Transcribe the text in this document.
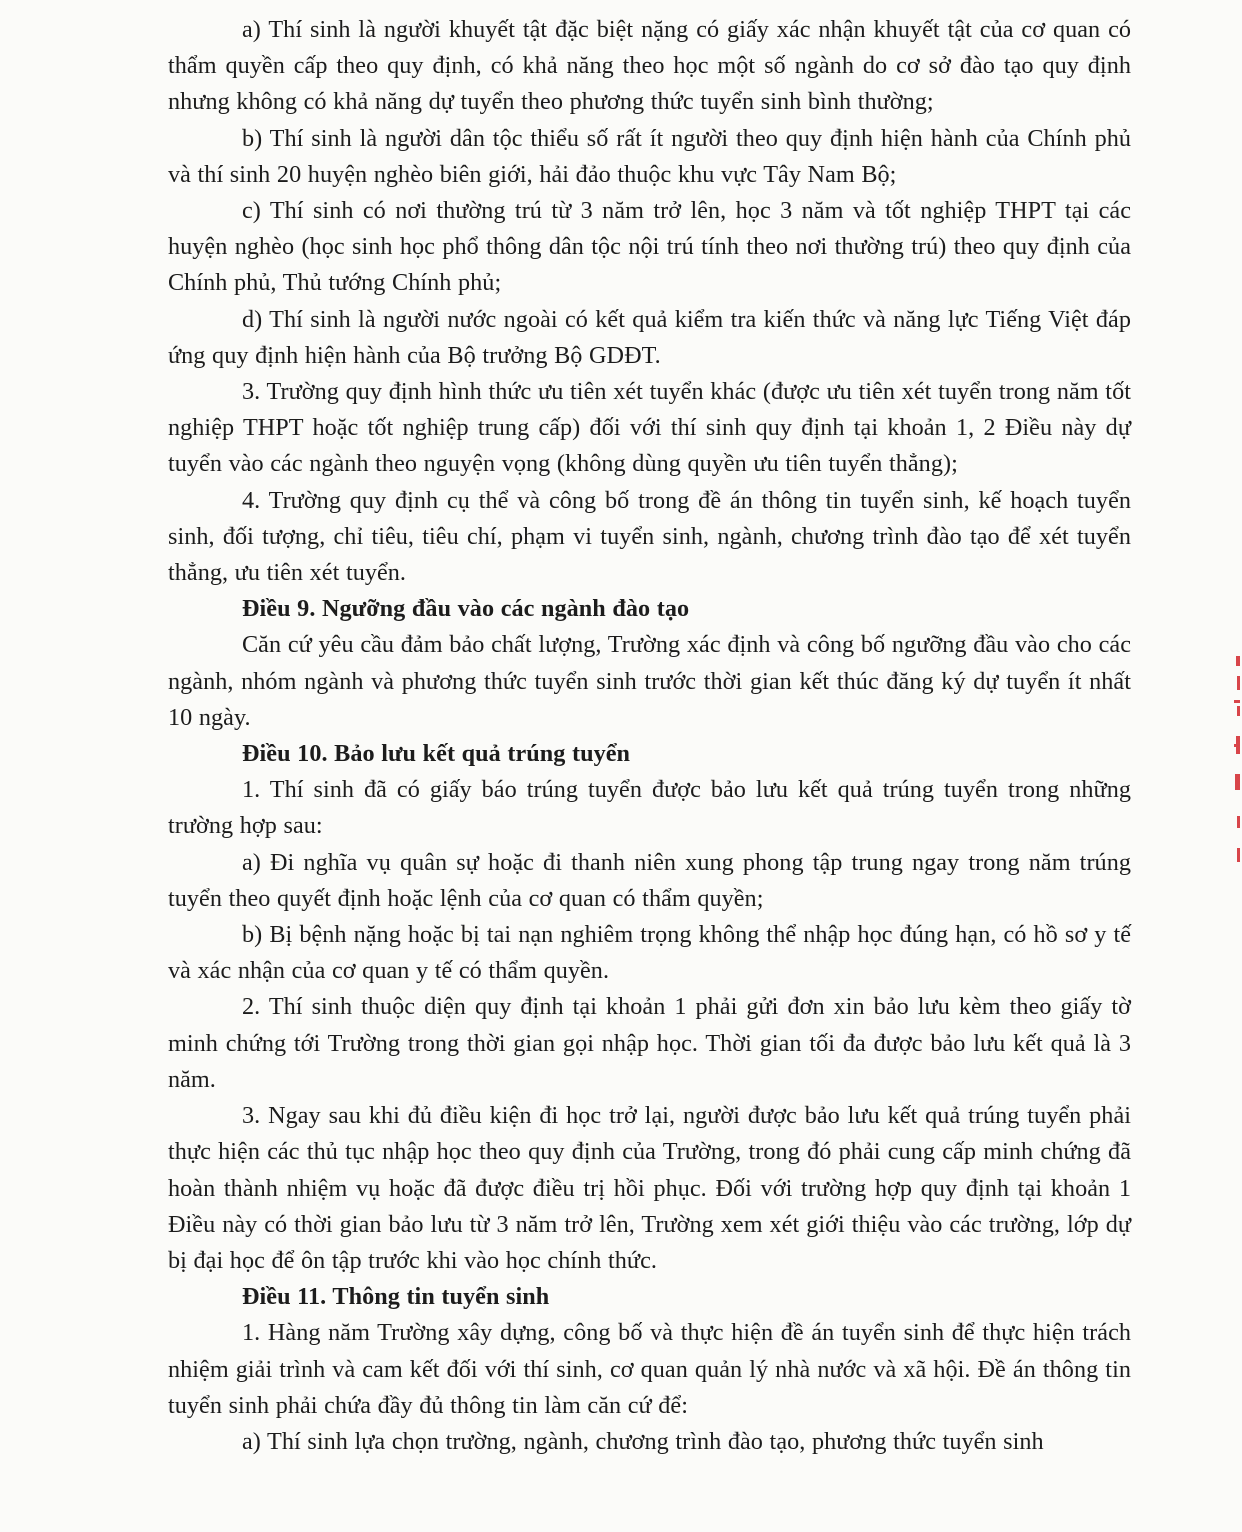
a) Thí sinh là người khuyết tật đặc biệt nặng có giấy xác nhận khuyết tật của cơ quan có thẩm quyền cấp theo quy định, có khả năng theo học một số ngành do cơ sở đào tạo quy định nhưng không có khả năng dự tuyển theo phương thức tuyển sinh bình thường;

b) Thí sinh là người dân tộc thiểu số rất ít người theo quy định hiện hành của Chính phủ và thí sinh 20 huyện nghèo biên giới, hải đảo thuộc khu vực Tây Nam Bộ;

c) Thí sinh có nơi thường trú từ 3 năm trở lên, học 3 năm và tốt nghiệp THPT tại các huyện nghèo (học sinh học phổ thông dân tộc nội trú tính theo nơi thường trú) theo quy định của Chính phủ, Thủ tướng Chính phủ;

d) Thí sinh là người nước ngoài có kết quả kiểm tra kiến thức và năng lực Tiếng Việt đáp ứng quy định hiện hành của Bộ trưởng Bộ GDĐT.

3. Trường quy định hình thức ưu tiên xét tuyển khác (được ưu tiên xét tuyển trong năm tốt nghiệp THPT hoặc tốt nghiệp trung cấp) đối với thí sinh quy định tại khoản 1, 2 Điều này dự tuyển vào các ngành theo nguyện vọng (không dùng quyền ưu tiên tuyển thẳng);

4. Trường quy định cụ thể và công bố trong đề án thông tin tuyển sinh, kế hoạch tuyển sinh, đối tượng, chỉ tiêu, tiêu chí, phạm vi tuyển sinh, ngành, chương trình đào tạo để xét tuyển thẳng, ưu tiên xét tuyển.

Điều 9. Ngưỡng đầu vào các ngành đào tạo

Căn cứ yêu cầu đảm bảo chất lượng, Trường xác định và công bố ngưỡng đầu vào cho các ngành, nhóm ngành và phương thức tuyển sinh trước thời gian kết thúc đăng ký dự tuyển ít nhất 10 ngày.

Điều 10. Bảo lưu kết quả trúng tuyển

1. Thí sinh đã có giấy báo trúng tuyển được bảo lưu kết quả trúng tuyển trong những trường hợp sau:

a) Đi nghĩa vụ quân sự hoặc đi thanh niên xung phong tập trung ngay trong năm trúng tuyển theo quyết định hoặc lệnh của cơ quan có thẩm quyền;

b) Bị bệnh nặng hoặc bị tai nạn nghiêm trọng không thể nhập học đúng hạn, có hồ sơ y tế và xác nhận của cơ quan y tế có thẩm quyền.

2. Thí sinh thuộc diện quy định tại khoản 1 phải gửi đơn xin bảo lưu kèm theo giấy tờ minh chứng tới Trường trong thời gian gọi nhập học. Thời gian tối đa được bảo lưu kết quả là 3 năm.

3. Ngay sau khi đủ điều kiện đi học trở lại, người được bảo lưu kết quả trúng tuyển phải thực hiện các thủ tục nhập học theo quy định của Trường, trong đó phải cung cấp minh chứng đã hoàn thành nhiệm vụ hoặc đã được điều trị hồi phục. Đối với trường hợp quy định tại khoản 1 Điều này có thời gian bảo lưu từ 3 năm trở lên, Trường xem xét giới thiệu vào các trường, lớp dự bị đại học để ôn tập trước khi vào học chính thức.

Điều 11. Thông tin tuyển sinh

1. Hàng năm Trường xây dựng, công bố và thực hiện đề án tuyển sinh để thực hiện trách nhiệm giải trình và cam kết đối với thí sinh, cơ quan quản lý nhà nước và xã hội. Đề án thông tin tuyển sinh phải chứa đầy đủ thông tin làm căn cứ để:

a) Thí sinh lựa chọn trường, ngành, chương trình đào tạo, phương thức tuyển sinh
